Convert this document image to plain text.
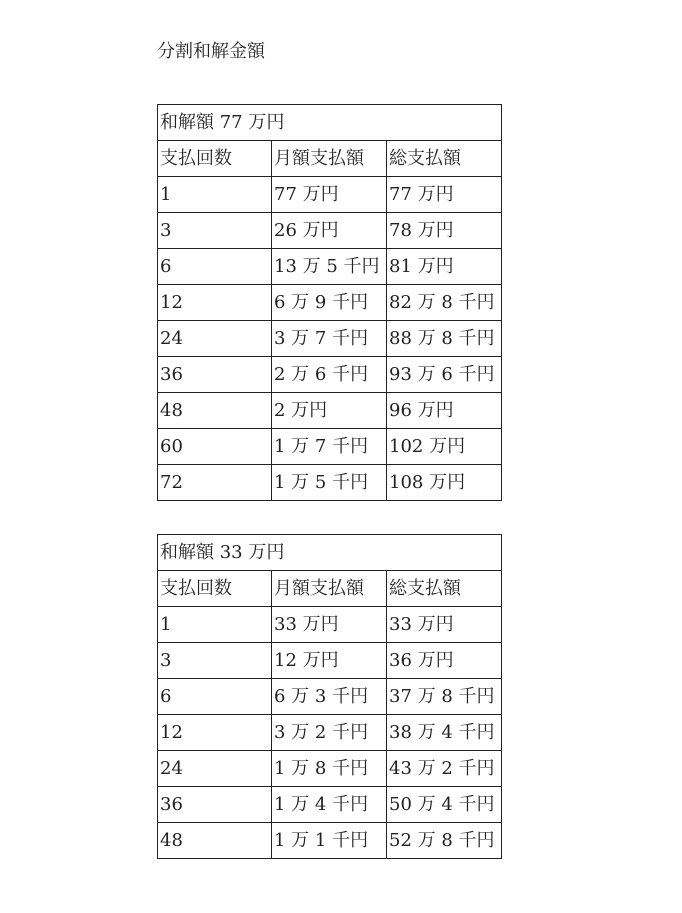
分割和解金額
和解額 77 万円		
支払回数	月額支払額	総支払額
1	77 万円	77 万円
3	26 万円	78 万円
6	13 万 5 千円	81 万円
12	6 万 9 千円	82 万 8 千円
24	3 万 7 千円	88 万 8 千円
36	2 万 6 千円	93 万 6 千円
48	2 万円	96 万円
60	1 万 7 千円	102 万円
72	1 万 5 千円	108 万円
和解額 33 万円		
支払回数	月額支払額	総支払額
1	33 万円	33 万円
3	12 万円	36 万円
6	6 万 3 千円	37 万 8 千円
12	3 万 2 千円	38 万 4 千円
24	1 万 8 千円	43 万 2 千円
36	1 万 4 千円	50 万 4 千円
48	1 万 1 千円	52 万 8 千円
